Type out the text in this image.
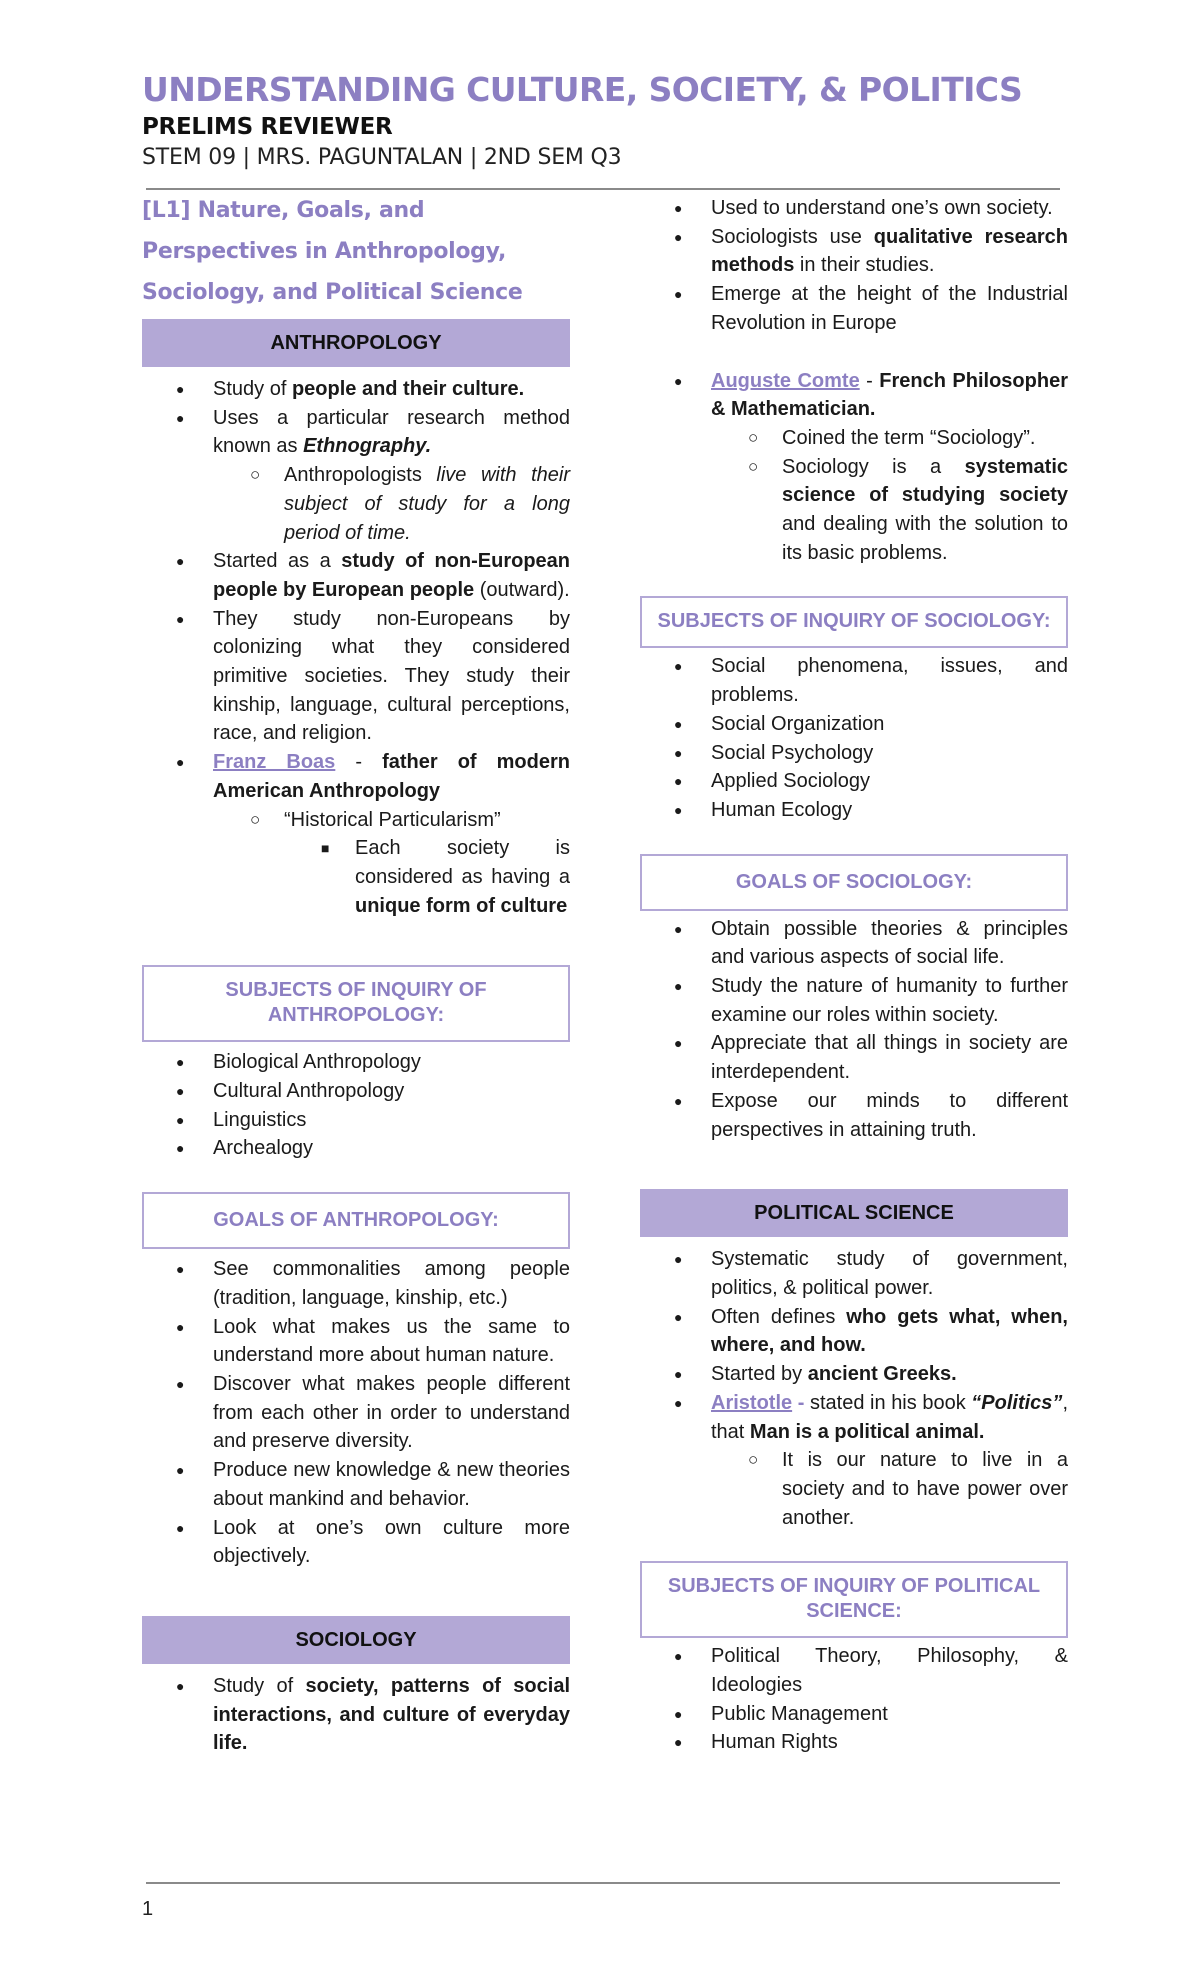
UNDERSTANDING CULTURE, SOCIETY, & POLITICS
PRELIMS REVIEWER
STEM 09 | MRS. PAGUNTALAN | 2ND SEM Q3
[L1] Nature, Goals, and
Perspectives in Anthropology,
Sociology, and Political Science
ANTHROPOLOGY
● Study of people and their culture.
● Uses a particular research method known as Ethnography.
○ Anthropologists live with their subject of study for a long period of time.
● Started as a study of non-European people by European people (outward).
● They study non-Europeans by colonizing what they considered primitive societies. They study their kinship, language, cultural perceptions, race, and religion.
● Franz Boas - father of modern American Anthropology
○ “Historical Particularism”
■ Each society is considered as having a unique form of culture
SUBJECTS OF INQUIRY OF ANTHROPOLOGY:
● Biological Anthropology
● Cultural Anthropology
● Linguistics
● Archealogy
GOALS OF ANTHROPOLOGY:
● See commonalities among people (tradition, language, kinship, etc.)
● Look what makes us the same to understand more about human nature.
● Discover what makes people different from each other in order to understand and preserve diversity.
● Produce new knowledge & new theories about mankind and behavior.
● Look at one’s own culture more objectively.
SOCIOLOGY
● Study of society, patterns of social interactions, and culture of everyday life.
● Used to understand one’s own society.
● Sociologists use qualitative research methods in their studies.
● Emerge at the height of the Industrial Revolution in Europe
● Auguste Comte - French Philosopher & Mathematician.
○ Coined the term “Sociology”.
○ Sociology is a systematic science of studying society and dealing with the solution to its basic problems.
SUBJECTS OF INQUIRY OF SOCIOLOGY:
● Social phenomena, issues, and problems.
● Social Organization
● Social Psychology
● Applied Sociology
● Human Ecology
GOALS OF SOCIOLOGY:
● Obtain possible theories & principles and various aspects of social life.
● Study the nature of humanity to further examine our roles within society.
● Appreciate that all things in society are interdependent.
● Expose our minds to different perspectives in attaining truth.
POLITICAL SCIENCE
● Systematic study of government, politics, & political power.
● Often defines who gets what, when, where, and how.
● Started by ancient Greeks.
● Aristotle - stated in his book “Politics”, that Man is a political animal.
○ It is our nature to live in a society and to have power over another.
SUBJECTS OF INQUIRY OF POLITICAL SCIENCE:
● Political Theory, Philosophy, & Ideologies
● Public Management
● Human Rights
1
